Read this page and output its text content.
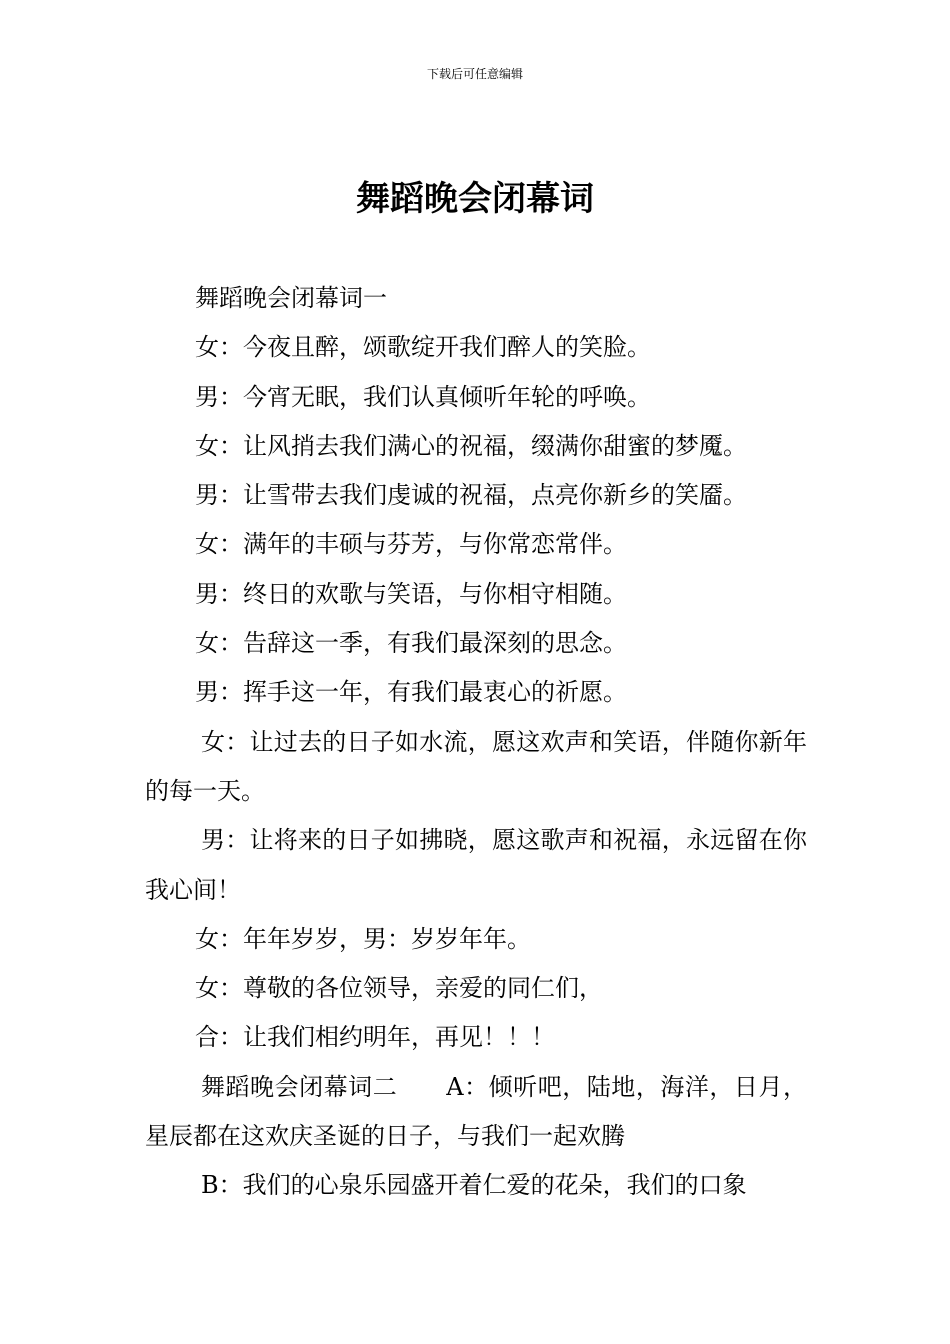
下载后可任意编辑
舞蹈晚会闭幕词

舞蹈晚会闭幕词一

女：今夜且醉，颂歌绽开我们醉人的笑脸。

男：今宵无眠，我们认真倾听年轮的呼唤。

女：让风捎去我们满心的祝福，缀满你甜蜜的梦魇。

男：让雪带去我们虔诚的祝福，点亮你新乡的笑靥。

女：满年的丰硕与芬芳，与你常恋常伴。

男：终日的欢歌与笑语，与你相守相随。

女：告辞这一季，有我们最深刻的思念。

男：挥手这一年，有我们最衷心的祈愿。

女：让过去的日子如水流，愿这欢声和笑语，伴随你新年的每一天。

男：让将来的日子如拂晓，愿这歌声和祝福，永远留在你我心间！

女：年年岁岁，男：岁岁年年。

女：尊敬的各位领导，亲爱的同仁们，

合：让我们相约明年，再见！！！

舞蹈晚会闭幕词二　　A：倾听吧，陆地，海洋，日月，星辰都在这欢庆圣诞的日子，与我们一起欢腾

B：我们的心泉乐园盛开着仁爱的花朵，我们的口象
